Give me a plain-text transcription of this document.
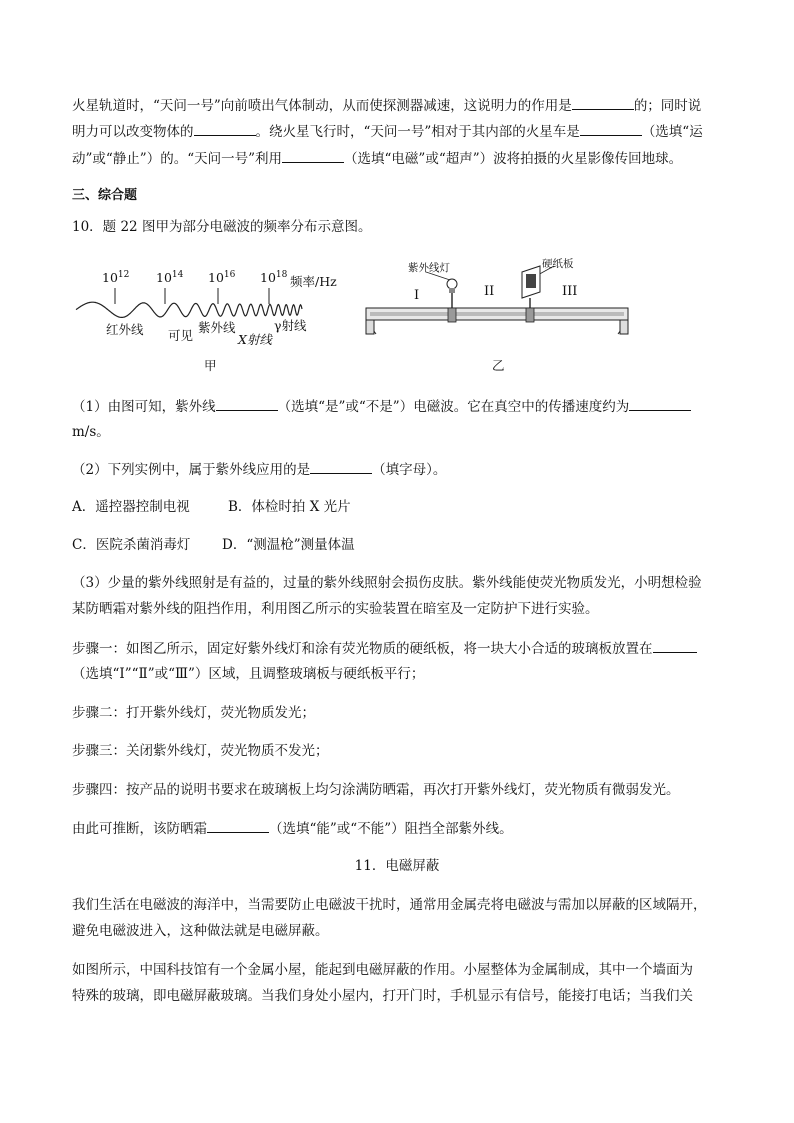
火星轨道时，“天问一号”向前喷出气体制动，从而使探测器减速，这说明力的作用是	的；同时说
明力可以改变物体的	。绕火星飞行时，“天问一号”相对于其内部的火星车是	（选填“运
动”或“静止”）的。“天问一号”利用	（选填“电磁”或“超声”）波将拍摄的火星影像传回地球。
三、综合题
10．题 22 图甲为部分电磁波的频率分布示意图。
$10^{12}$ $10^{14}$ $10^{16}$ $10^{18}$ 频率/Hz
红外线 可见
紫外线
X射线
γ射线
甲
紫外线灯	硬纸板
I	II	III
乙
（1）由图可知，紫外线	（选填“是”或“不是”）电磁波。它在真空中的传播速度约为
m/s。
（2）下列实例中，属于紫外线应用的是	（填字母）。
A．遥控器控制电视	B．体检时拍 X 光片
C．医院杀菌消毒灯 D．“测温枪”测量体温
（3）少量的紫外线照射是有益的，过量的紫外线照射会损伤皮肤。紫外线能使荧光物质发光，小明想检验
某防晒霜对紫外线的阻挡作用，利用图乙所示的实验装置在暗室及一定防护下进行实验。
步骤一：如图乙所示，固定好紫外线灯和涂有荧光物质的硬纸板，将一块大小合适的玻璃板放置在
（选填“I”“Ⅱ”或“Ⅲ”）区域，且调整玻璃板与硬纸板平行；
步骤二：打开紫外线灯，荧光物质发光；
步骤三：关闭紫外线灯，荧光物质不发光；
步骤四：按产品的说明书要求在玻璃板上均匀涂满防晒霜，再次打开紫外线灯，荧光物质有微弱发光。
由此可推断，该防晒霜	（选填“能”或“不能”）阻挡全部紫外线。
11．电磁屏蔽
我们生活在电磁波的海洋中，当需要防止电磁波干扰时，通常用金属壳将电磁波与需加以屏蔽的区域隔开，
避免电磁波进入，这种做法就是电磁屏蔽。
如图所示，中国科技馆有一个金属小屋，能起到电磁屏蔽的作用。小屋整体为金属制成，其中一个墙面为
特殊的玻璃，即电磁屏蔽玻璃。当我们身处小屋内，打开门时，手机显示有信号，能接打电话；当我们关
